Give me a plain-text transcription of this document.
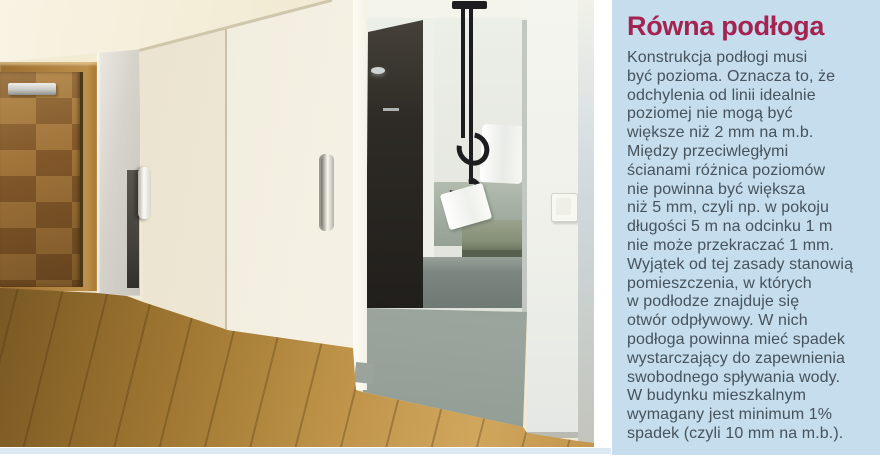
Równa podłoga
Konstrukcja podłogi musi
być pozioma. Oznacza to, że
odchylenia od linii idealnie
poziomej nie mogą być
większe niż 2 mm na m.b.
Między przeciwległymi
ścianami różnica poziomów
nie powinna być większa
niż 5 mm, czyli np. w pokoju
długości 5 m na odcinku 1 m
nie może przekraczać 1 mm.
Wyjątek od tej zasady stanowią
pomieszczenia, w których
w podłodze znajduje się
otwór odpływowy. W nich
podłoga powinna mieć spadek
wystarczający do zapewnienia
swobodnego spływania wody.
W budynku mieszkalnym
wymagany jest minimum 1%
spadek (czyli 10 mm na m.b.).
